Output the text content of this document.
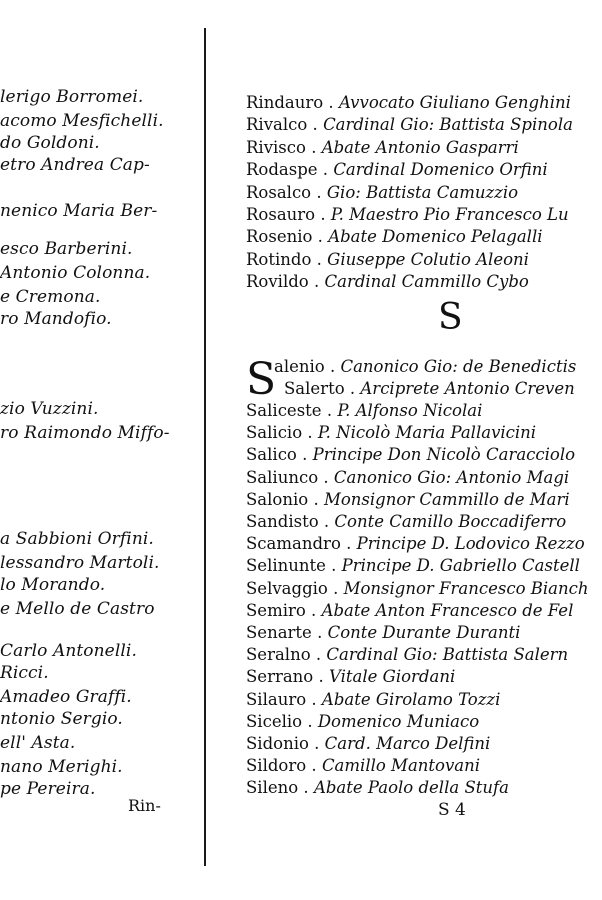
lerigo Borromei.
acomo Mesfichelli.
do Goldoni.
etro Andrea Cap-
nenico Maria Ber-
esco Barberini.
Antonio Colonna.
e Cremona.
ro Mandofio.
zio Vuzzini.
ro Raimondo Miffo-
a Sabbioni Orfini.
lessandro Martoli.
lo Morando.
e Mello de Castro
Carlo Antonelli.
Ricci.
Amadeo Graffi.
ntonio Sergio.
ell' Asta.
nano Merighi.
pe Pereira.
Rin-
Rindauro . Avvocato Giuliano Genghini
Rivalco . Cardinal Gio: Battista Spinola
Rivisco . Abate Antonio Gasparri
Rodaspe . Cardinal Domenico Orfini
Rosalco . Gio: Battista Camuzzio
Rosauro . P. Maestro Pio Francesco Lu
Rosenio . Abate Domenico Pelagalli
Rotindo . Giuseppe Colutio Aleoni
Rovildo . Cardinal Cammillo Cybo
S
S
alenio . Canonico Gio: de Benedictis
Salerto . Arciprete Antonio Creven
Saliceste . P. Alfonso Nicolai
Salicio . P. Nicolò Maria Pallavicini
Salico . Principe Don Nicolò Caracciolo
Saliunco . Canonico Gio: Antonio Magi
Salonio . Monsignor Cammillo de Mari
Sandisto . Conte Camillo Boccadiferro
Scamandro . Principe D. Lodovico Rezzo
Selinunte . Principe D. Gabriello Castell
Selvaggio . Monsignor Francesco Bianch
Semiro . Abate Anton Francesco de Fel
Senarte . Conte Durante Duranti
Seralno . Cardinal Gio: Battista Salern
Serrano . Vitale Giordani
Silauro . Abate Girolamo Tozzi
Sicelio . Domenico Muniaco
Sidonio . Card. Marco Delfini
Sildoro . Camillo Mantovani
Sileno . Abate Paolo della Stufa
S 4
